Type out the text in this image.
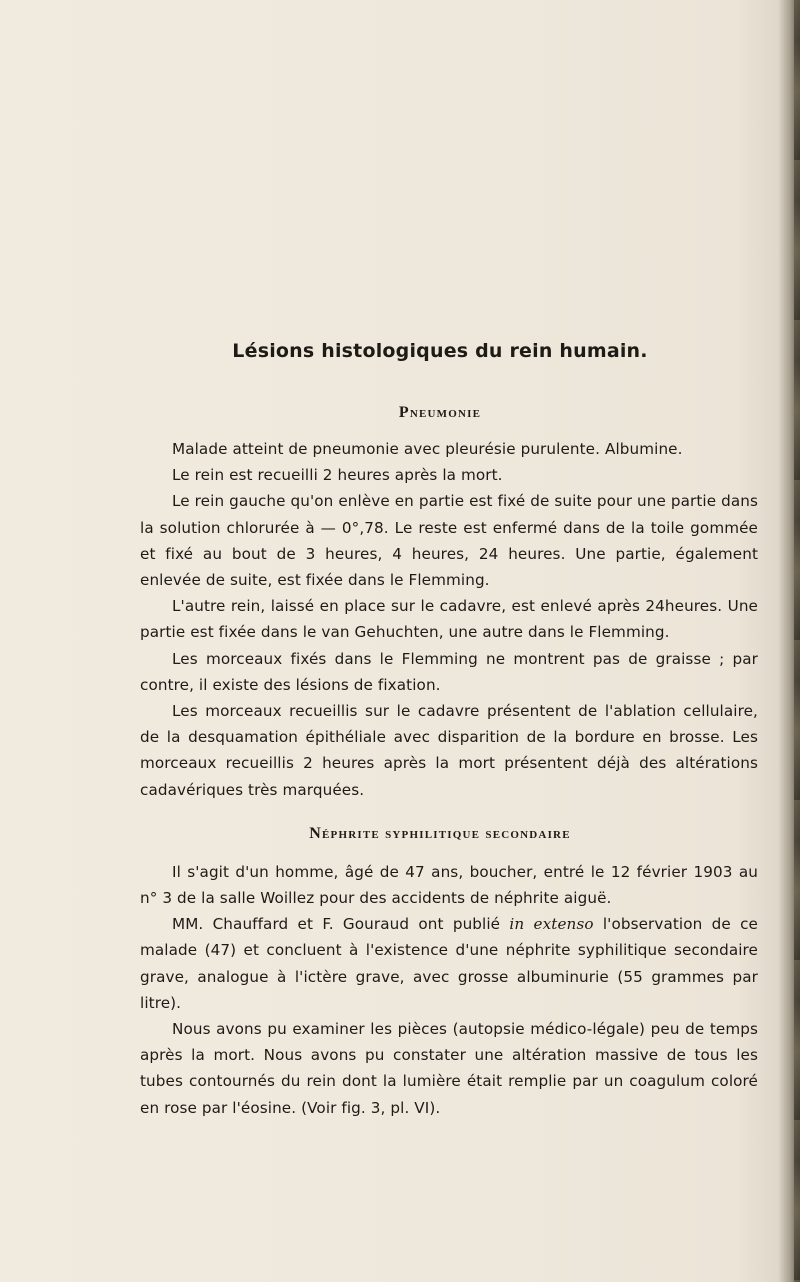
Lésions histologiques du rein humain.
Pneumonie

Malade atteint de pneumonie avec pleurésie purulente. Albumine.

Le rein est recueilli 2 heures après la mort.

Le rein gauche qu'on enlève en partie est fixé de suite pour une partie dans la solution chlorurée à — 0°,78. Le reste est enfermé dans de la toile gommée et fixé au bout de 3 heures, 4 heures, 24 heures. Une partie, également enlevée de suite, est fixée dans le Flemming.

L'autre rein, laissé en place sur le cadavre, est enlevé après 24heures. Une partie est fixée dans le van Gehuchten, une autre dans le Flemming.

Les morceaux fixés dans le Flemming ne montrent pas de graisse ; par contre, il existe des lésions de fixation.

Les morceaux recueillis sur le cadavre présentent de l'ablation cellulaire, de la desquamation épithéliale avec disparition de la bordure en brosse. Les morceaux recueillis 2 heures après la mort présentent déjà des altérations cadavériques très marquées.

Néphrite syphilitique secondaire

Il s'agit d'un homme, âgé de 47 ans, boucher, entré le 12 février 1903 au n° 3 de la salle Woillez pour des accidents de néphrite aiguë.

MM. Chauffard et F. Gouraud ont publié in extenso l'observation de ce malade (47) et concluent à l'existence d'une néphrite syphilitique secondaire grave, analogue à l'ictère grave, avec grosse albuminurie (55 grammes par litre).

Nous avons pu examiner les pièces (autopsie médico-légale) peu de temps après la mort. Nous avons pu constater une altération massive de tous les tubes contournés du rein dont la lumière était remplie par un coagulum coloré en rose par l'éosine. (Voir fig. 3, pl. VI).
